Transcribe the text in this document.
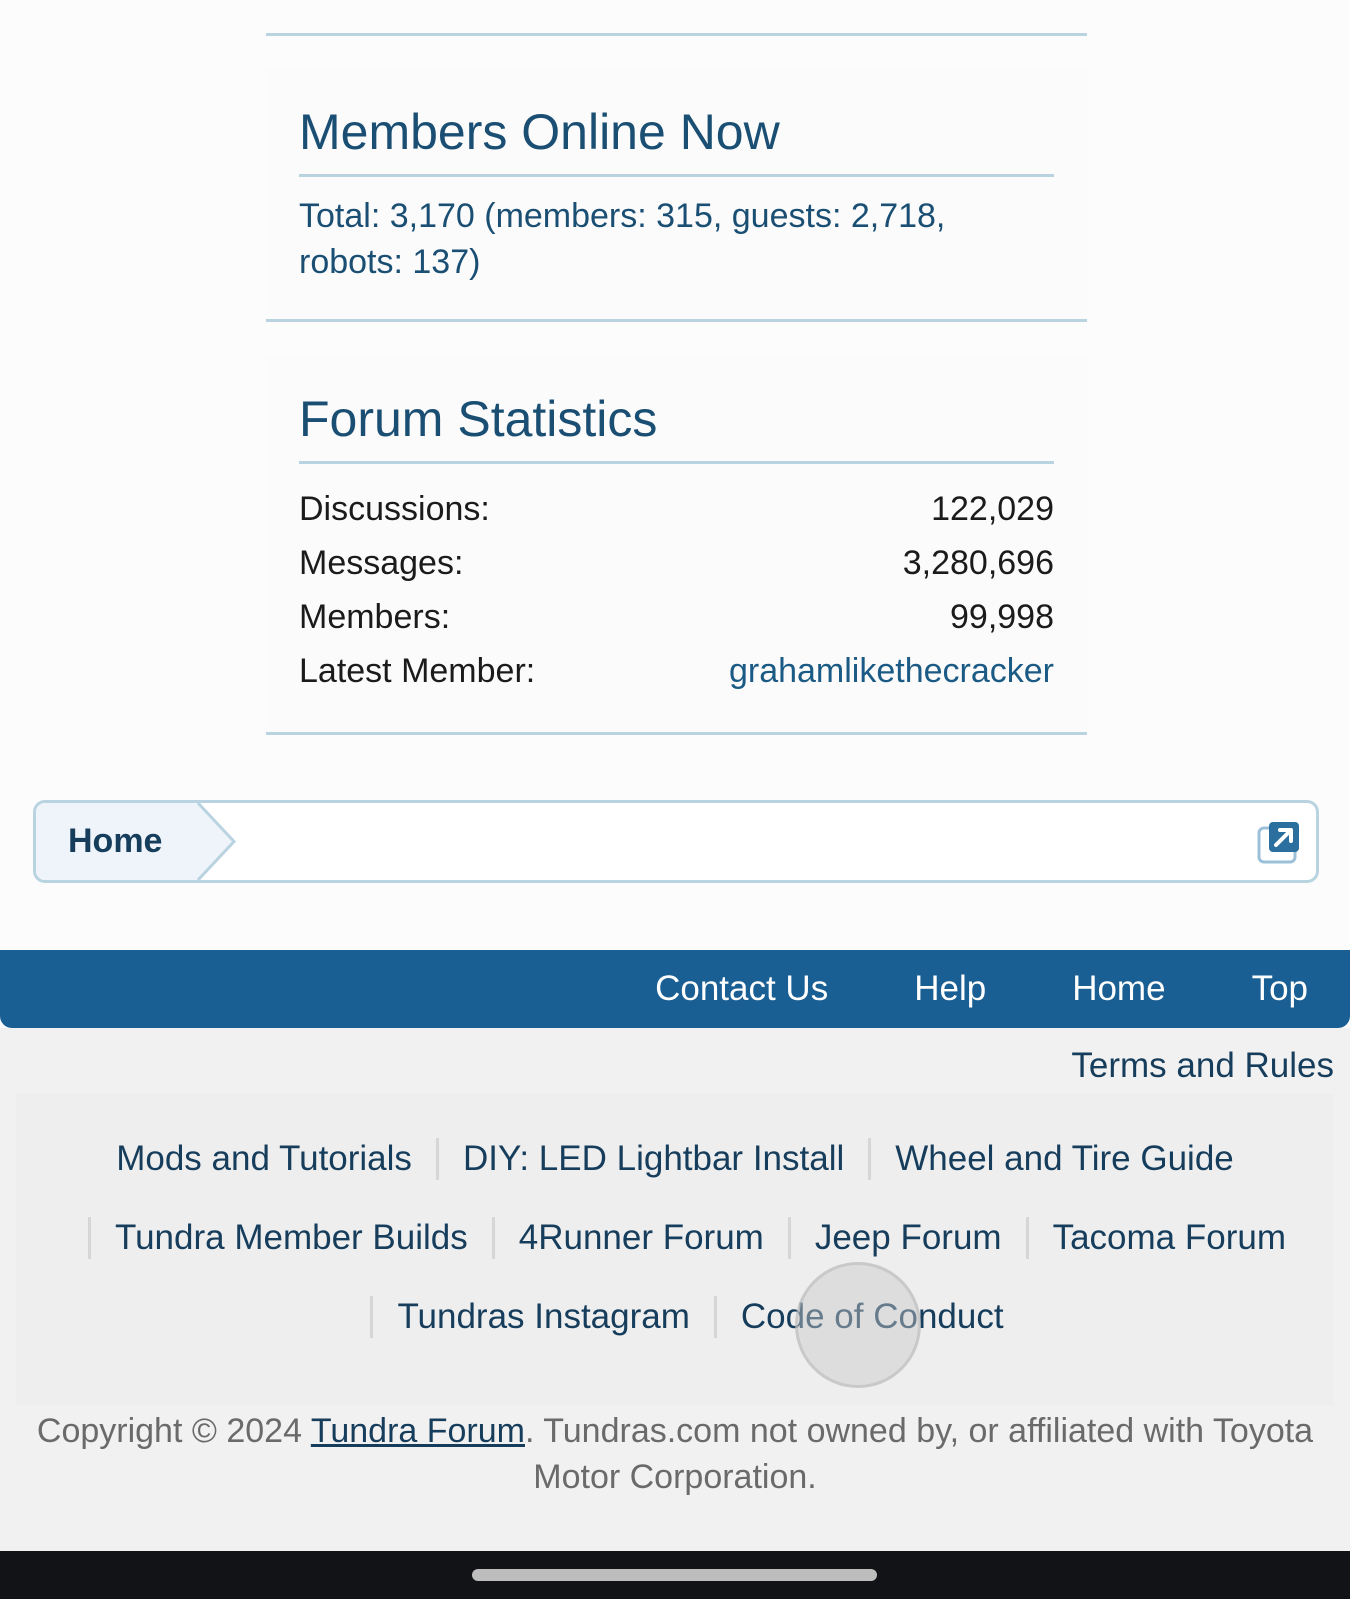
Members Online Now
Total: 3,170 (members: 315, guests: 2,718, robots: 137)
Forum Statistics
Discussions:	122,029
Messages:	3,280,696
Members:	99,998
Latest Member:	grahamlikethecracker
Home
Contact Us Help Home Top
Terms and Rules
Mods and Tutorials DIY: LED Lightbar Install Wheel and Tire Guide
Tundra Member Builds 4Runner Forum Jeep Forum Tacoma Forum
Tundras Instagram Code of Conduct
Copyright © 2024 Tundra Forum. Tundras.com not owned by, or affiliated with Toyota Motor Corporation.
